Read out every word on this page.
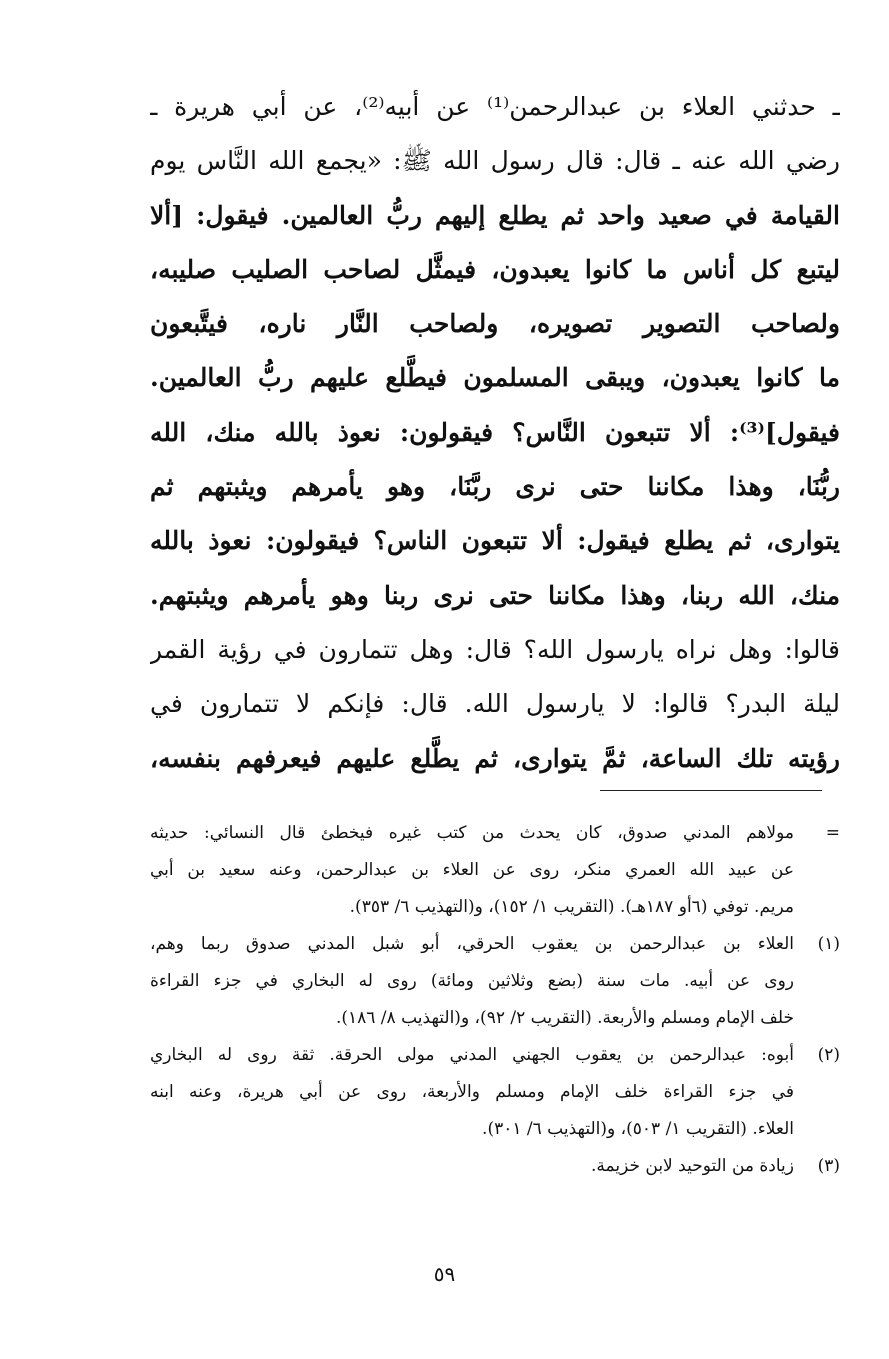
ـ حدثني العلاء بن عبدالرحمن⁽¹⁾ عن أبيه⁽²⁾، عن أبي هريرة ـ
رضي الله عنه ـ قال: قال رسول الله ﷺ: «يجمع الله النَّاس يوم
القيامة في صعيد واحد ثم يطلع إليهم ربُّ العالمين. فيقول: [ألا
ليتبع كل أناس ما كانوا يعبدون، فيمثَّل لصاحب الصليب صليبه،
ولصاحب التصوير تصويره، ولصاحب النَّار ناره، فيتَّبعون
ما كانوا يعبدون، ويبقى المسلمون فيطَّلع عليهم ربُّ العالمين.
فيقول]⁽³⁾: ألا تتبعون النَّاس؟ فيقولون: نعوذ بالله منك، الله
ربُّنَا، وهذا مكاننا حتى نرى ربَّنَا، وهو يأمرهم ويثبتهم ثم
يتوارى، ثم يطلع فيقول: ألا تتبعون الناس؟ فيقولون: نعوذ بالله
منك، الله ربنا، وهذا مكاننا حتى نرى ربنا وهو يأمرهم ويثبتهم.
قالوا: وهل نراه يارسول الله؟ قال: وهل تتمارون في رؤية القمر
ليلة البدر؟ قالوا: لا يارسول الله. قال: فإنكم لا تتمارون في
رؤيته تلك الساعة، ثمَّ يتوارى، ثم يطَّلع عليهم فيعرفهم بنفسه،
=
مولاهم المدني صدوق، كان يحدث من كتب غيره فيخطئ قال النسائي: حديثه
عن عبيد الله العمري منكر، روى عن العلاء بن عبدالرحمن، وعنه سعيد بن أبي
مريم. توفي (٦أو ١٨٧هـ). (التقريب ١/ ١٥٢)، و(التهذيب ٦/ ٣٥٣).
(١)
العلاء بن عبدالرحمن بن يعقوب الحرقي، أبو شبل المدني صدوق ربما وهم،
روى عن أبيه. مات سنة (بضع وثلاثين ومائة) روى له البخاري في جزء القراءة
خلف الإمام ومسلم والأربعة. (التقريب ٢/ ٩٢)، و(التهذيب ٨/ ١٨٦).
(٢)
أبوه: عبدالرحمن بن يعقوب الجهني المدني مولى الحرقة. ثقة روى له البخاري
في جزء القراءة خلف الإمام ومسلم والأربعة، روى عن أبي هريرة، وعنه ابنه
العلاء. (التقريب ١/ ٥٠٣)، و(التهذيب ٦/ ٣٠١).
(٣)
زيادة من التوحيد لابن خزيمة.
٥٩
